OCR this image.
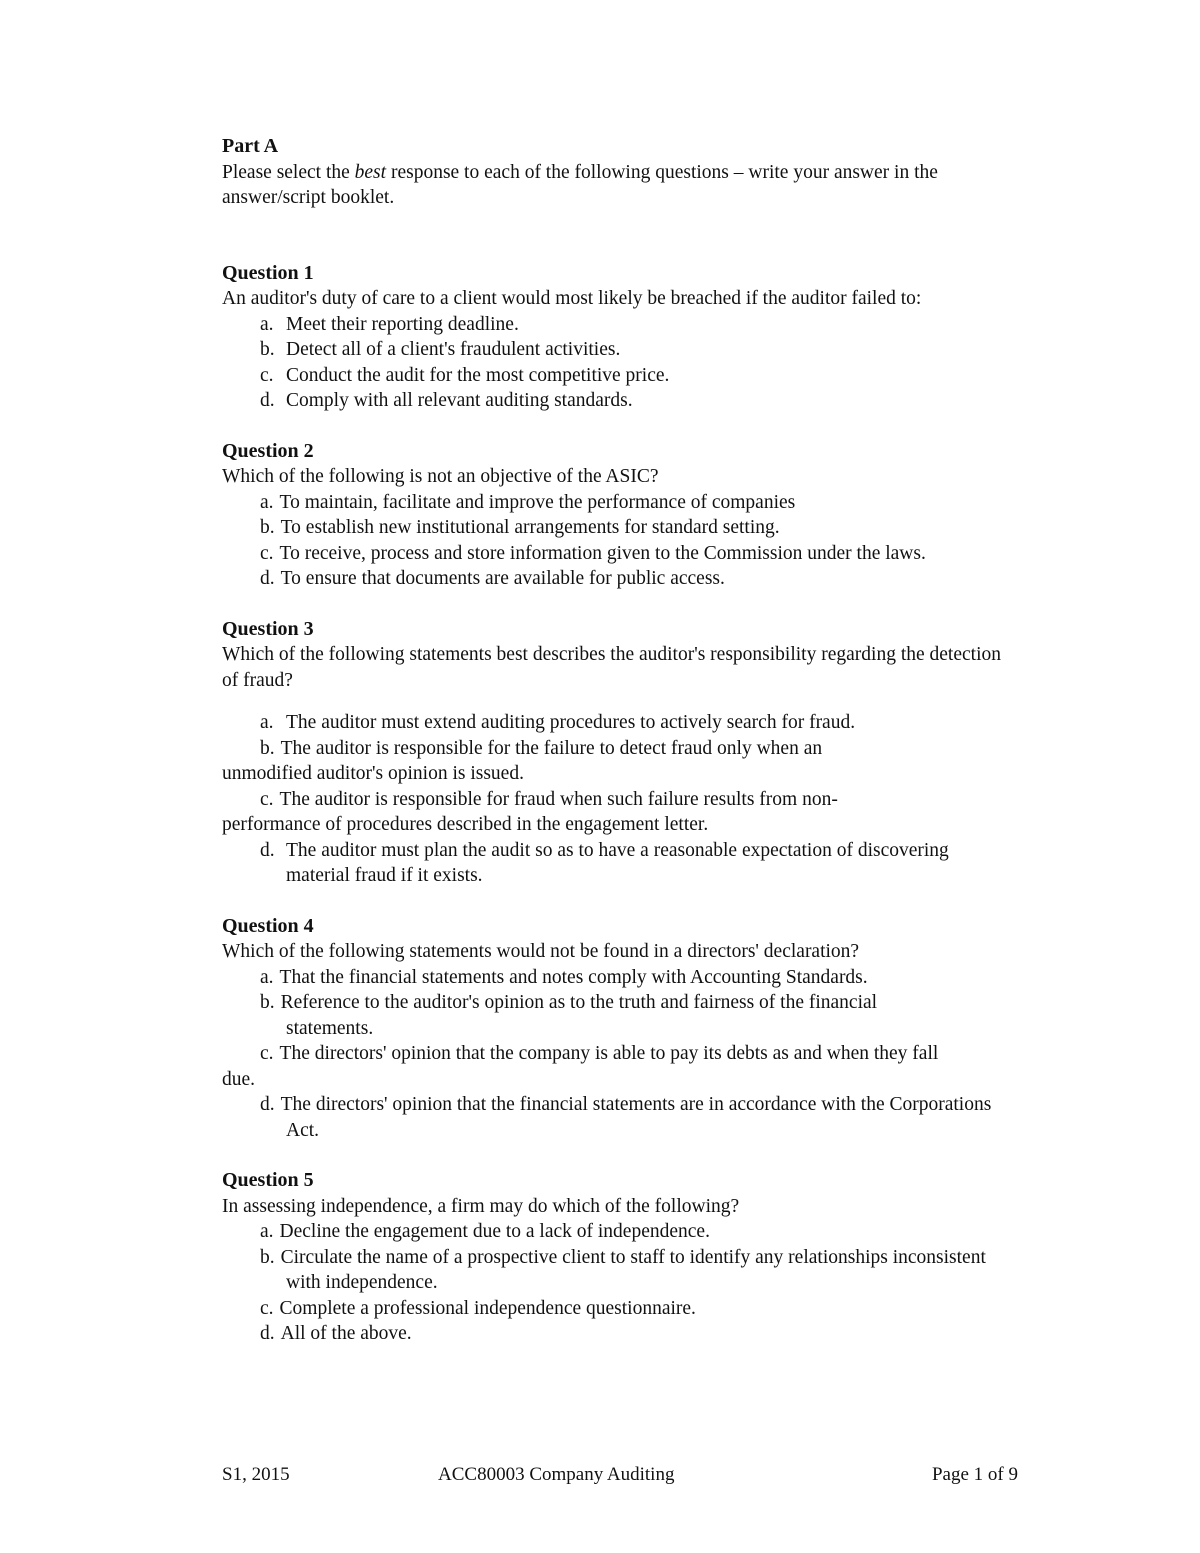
Part A

Please select the best response to each of the following questions – write your answer in the answer/script booklet.

Question 1

An auditor's duty of care to a client would most likely be breached if the auditor failed to:

a. Meet their reporting deadline.
b. Detect all of a client's fraudulent activities.
c. Conduct the audit for the most competitive price.
d. Comply with all relevant auditing standards.
Question 2

Which of the following is not an objective of the ASIC?

a. To maintain, facilitate and improve the performance of companies
b. To establish new institutional arrangements for standard setting.
c. To receive, process and store information given to the Commission under the laws.
d. To ensure that documents are available for public access.
Question 3

Which of the following statements best describes the auditor's responsibility regarding the detection of fraud?

a. The auditor must extend auditing procedures to actively search for fraud.
b. The auditor is responsible for the failure to detect fraud only when an unmodified auditor's opinion is issued.
c. The auditor is responsible for fraud when such failure results from non-performance of procedures described in the engagement letter.
d. The auditor must plan the audit so as to have a reasonable expectation of discovering material fraud if it exists.
Question 4

Which of the following statements would not be found in a directors' declaration?

a. That the financial statements and notes comply with Accounting Standards.
b. Reference to the auditor's opinion as to the truth and fairness of the financial statements.
c. The directors' opinion that the company is able to pay its debts as and when they fall due.
d. The directors' opinion that the financial statements are in accordance with the Corporations Act.
Question 5

In assessing independence, a firm may do which of the following?

a. Decline the engagement due to a lack of independence.
b. Circulate the name of a prospective client to staff to identify any relationships inconsistent with independence.
c. Complete a professional independence questionnaire.
d. All of the above.
S1, 2015	ACC80003 Company Auditing	Page 1 of 9
